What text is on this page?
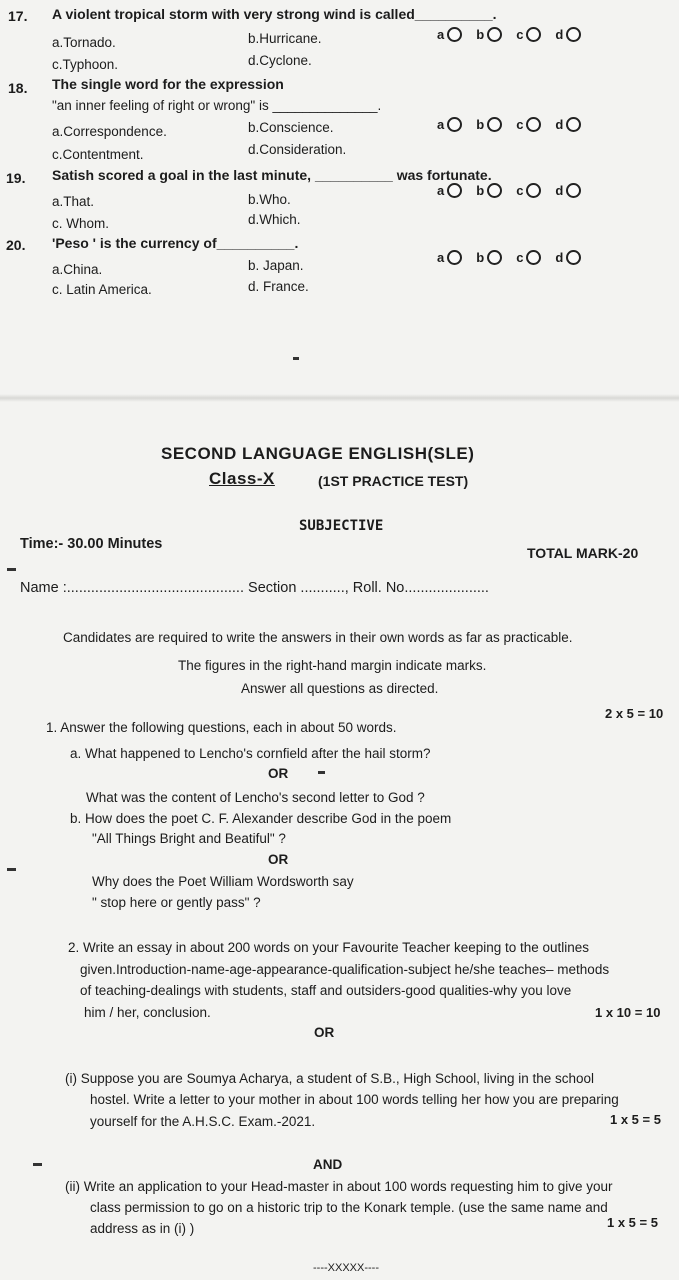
17. A violent tropical storm with very strong wind is called__________.
a.Tornado.	b.Hurricane.
c.Typhoon.	d.Cyclone.
a b c d
18. The single word for the expression
"an inner feeling of right or wrong" is ______________.
a.Correspondence.	b.Conscience.
c.Contentment.	d.Consideration.
a b c d
19. Satish scored a goal in the last minute, __________ was fortunate.
a.That.	b.Who.
c. Whom.	d.Which.
a b c d
20. 'Peso ' is the currency of__________.
a.China.	b. Japan.
c. Latin America.	d. France.
a b c d
SECOND LANGUAGE ENGLISH(SLE)
Class-X	(1ST PRACTICE TEST)
SUBJECTIVE
Time:- 30.00 Minutes
TOTAL MARK-20
Name :............................................ Section ..........., Roll. No.....................
Candidates are required to write the answers in their own words as far as practicable.
The figures in the right-hand margin indicate marks.
Answer all questions as directed.
2 x 5 = 10
1. Answer the following questions, each in about 50 words.
a. What happened to Lencho's cornfield after the hail storm?
OR
What was the content of Lencho's second letter to God ?
b. How does the poet C. F. Alexander describe God in the poem
"All Things Bright and Beatiful" ?
OR
Why does the Poet William Wordsworth say
" stop here or gently pass" ?
2. Write an essay in about 200 words on your Favourite Teacher keeping to the outlines
given.Introduction-name-age-appearance-qualification-subject he/she teaches– methods
of teaching-dealings with students, staff and outsiders-good qualities-why you love
him / her, conclusion.	1 x 10 = 10
OR
(i) Suppose you are Soumya Acharya, a student of S.B., High School, living in the school
hostel. Write a letter to your mother in about 100 words telling her how you are preparing
yourself for the A.H.S.C. Exam.-2021.	1 x 5 = 5
AND
(ii) Write an application to your Head-master in about 100 words requesting him to give your
class permission to go on a historic trip to the Konark temple. (use the same name and
address as in (i) )	1 x 5 = 5
----XXXXX----
